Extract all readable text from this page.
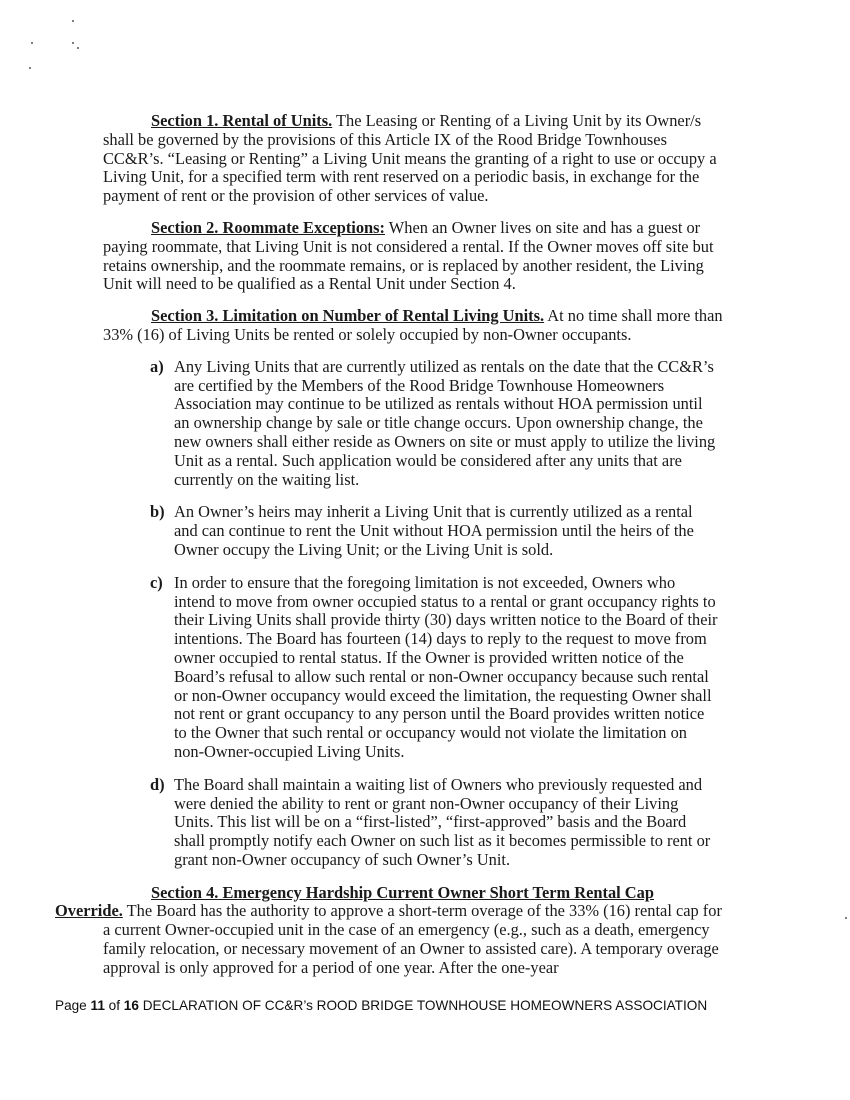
Section 1. Rental of Units. The Leasing or Renting of a Living Unit by its Owner/s shall be governed by the provisions of this Article IX of the Rood Bridge Townhouses CC&R’s. “Leasing or Renting” a Living Unit means the granting of a right to use or occupy a Living Unit, for a specified term with rent reserved on a periodic basis, in exchange for the payment of rent or the provision of other services of value.

Section 2. Roommate Exceptions: When an Owner lives on site and has a guest or paying roommate, that Living Unit is not considered a rental. If the Owner moves off site but retains ownership, and the roommate remains, or is replaced by another resident, the Living Unit will need to be qualified as a Rental Unit under Section 4.

Section 3. Limitation on Number of Rental Living Units. At no time shall more than 33% (16) of Living Units be rented or solely occupied by non-Owner occupants.

a) Any Living Units that are currently utilized as rentals on the date that the CC&R’s are certified by the Members of the Rood Bridge Townhouse Homeowners Association may continue to be utilized as rentals without HOA permission until an ownership change by sale or title change occurs. Upon ownership change, the new owners shall either reside as Owners on site or must apply to utilize the living Unit as a rental. Such application would be considered after any units that are currently on the waiting list.
b) An Owner’s heirs may inherit a Living Unit that is currently utilized as a rental and can continue to rent the Unit without HOA permission until the heirs of the Owner occupy the Living Unit; or the Living Unit is sold.
c) In order to ensure that the foregoing limitation is not exceeded, Owners who intend to move from owner occupied status to a rental or grant occupancy rights to their Living Units shall provide thirty (30) days written notice to the Board of their intentions. The Board has fourteen (14) days to reply to the request to move from owner occupied to rental status. If the Owner is provided written notice of the Board’s refusal to allow such rental or non-Owner occupancy because such rental or non-Owner occupancy would exceed the limitation, the requesting Owner shall not rent or grant occupancy to any person until the Board provides written notice to the Owner that such rental or occupancy would not violate the limitation on non-Owner-occupied Living Units.
d) The Board shall maintain a waiting list of Owners who previously requested and were denied the ability to rent or grant non-Owner occupancy of their Living Units. This list will be on a “first-listed”, “first-approved” basis and the Board shall promptly notify each Owner on such list as it becomes permissible to rent or grant non-Owner occupancy of such Owner’s Unit.

Section 4. Emergency Hardship Current Owner Short Term Rental Cap
Override. The Board has the authority to approve a short-term overage of the 33% (16) rental cap for a current Owner-occupied unit in the case of an emergency (e.g., such as a death, emergency family relocation, or necessary movement of an Owner to assisted care). A temporary overage approval is only approved for a period of one year. After the one-year

Page 11 of 16 DECLARATION OF CC&R’s ROOD BRIDGE TOWNHOUSE HOMEOWNERS ASSOCIATION
